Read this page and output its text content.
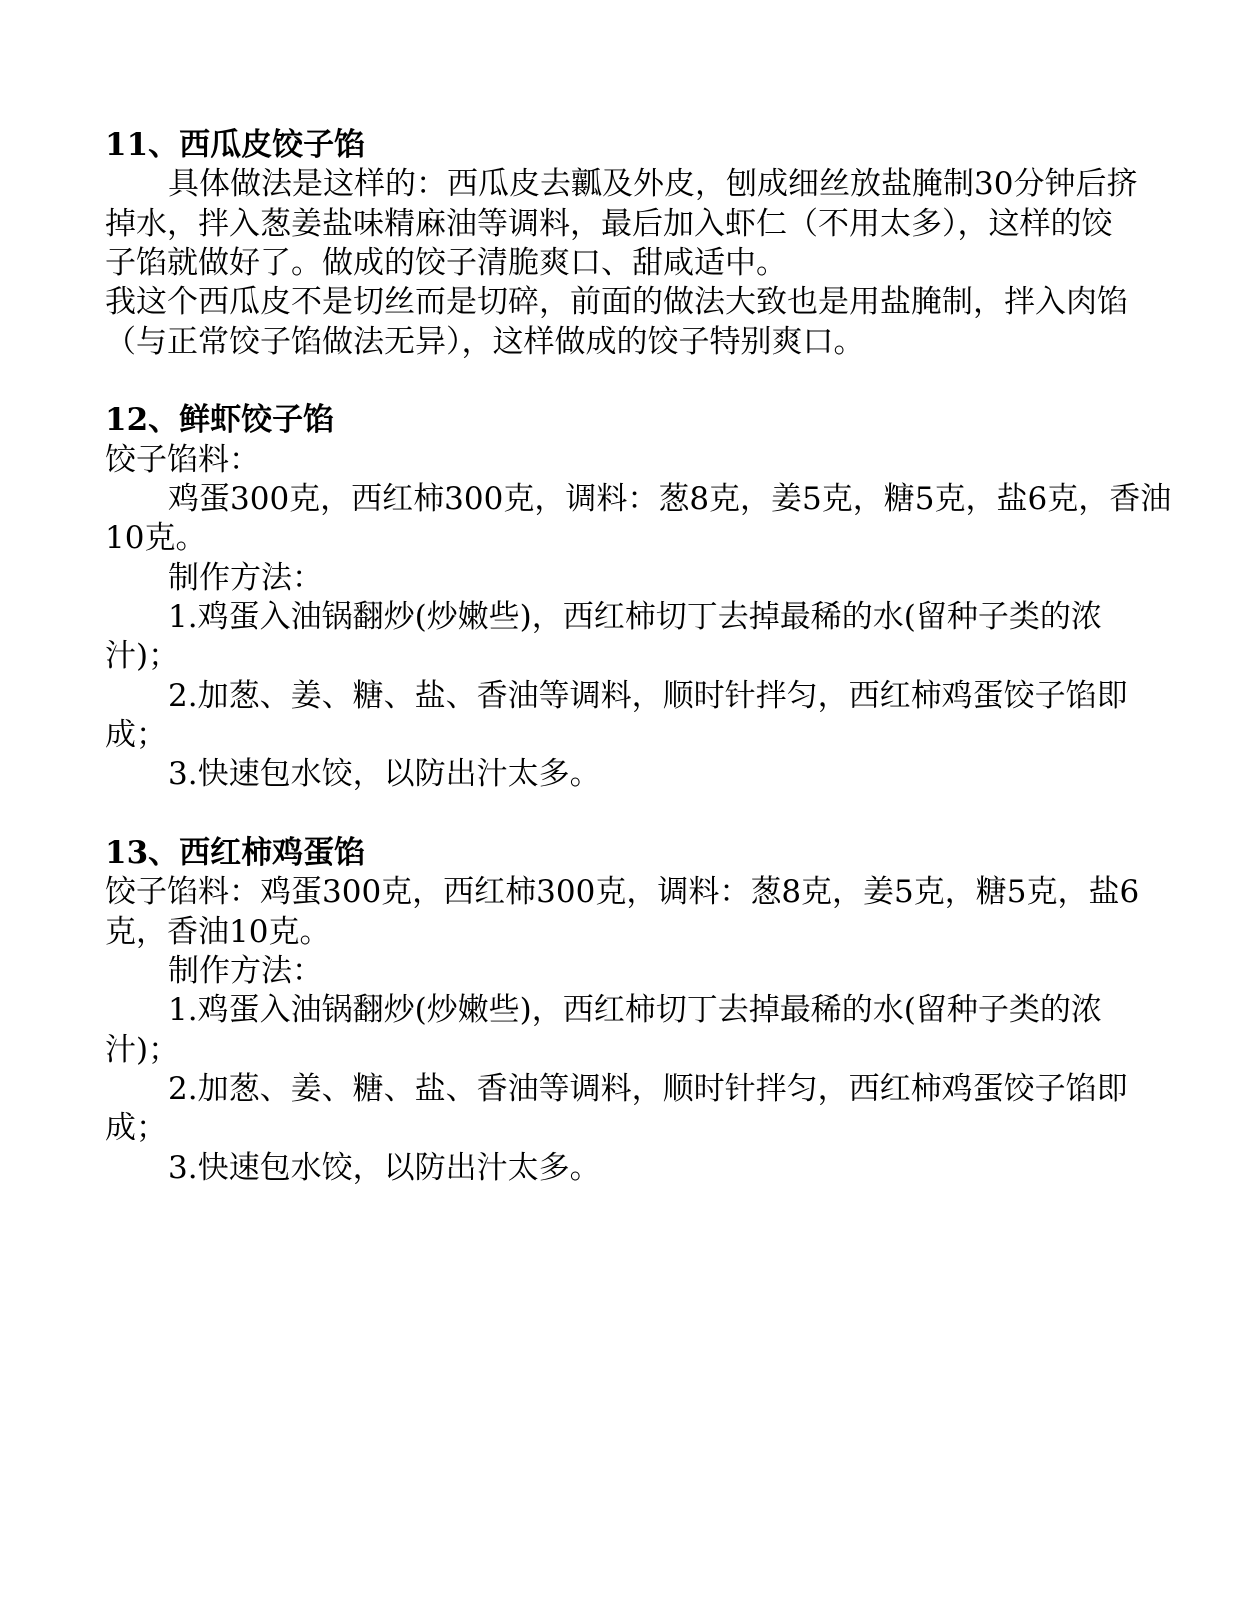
11、西瓜皮饺子馅
具体做法是这样的：西瓜皮去瓤及外皮，刨成细丝放盐腌制30分钟后挤
掉水，拌入葱姜盐味精麻油等调料，最后加入虾仁（不用太多），这样的饺
子馅就做好了。做成的饺子清脆爽口、甜咸适中。
我这个西瓜皮不是切丝而是切碎，前面的做法大致也是用盐腌制，拌入肉馅
（与正常饺子馅做法无异），这样做成的饺子特别爽口。
12、鲜虾饺子馅
饺子馅料：
鸡蛋300克，西红柿300克，调料：葱8克，姜5克，糖5克，盐6克，香油
10克。
制作方法：
1.鸡蛋入油锅翻炒(炒嫩些)，西红柿切丁去掉最稀的水(留种子类的浓
汁)；
2.加葱、姜、糖、盐、香油等调料，顺时针拌匀，西红柿鸡蛋饺子馅即
成；
3.快速包水饺，以防出汁太多。
13、西红柿鸡蛋馅
饺子馅料：鸡蛋300克，西红柿300克，调料：葱8克，姜5克，糖5克，盐6
克，香油10克。
制作方法：
1.鸡蛋入油锅翻炒(炒嫩些)，西红柿切丁去掉最稀的水(留种子类的浓
汁)；
2.加葱、姜、糖、盐、香油等调料，顺时针拌匀，西红柿鸡蛋饺子馅即
成；
3.快速包水饺，以防出汁太多。
